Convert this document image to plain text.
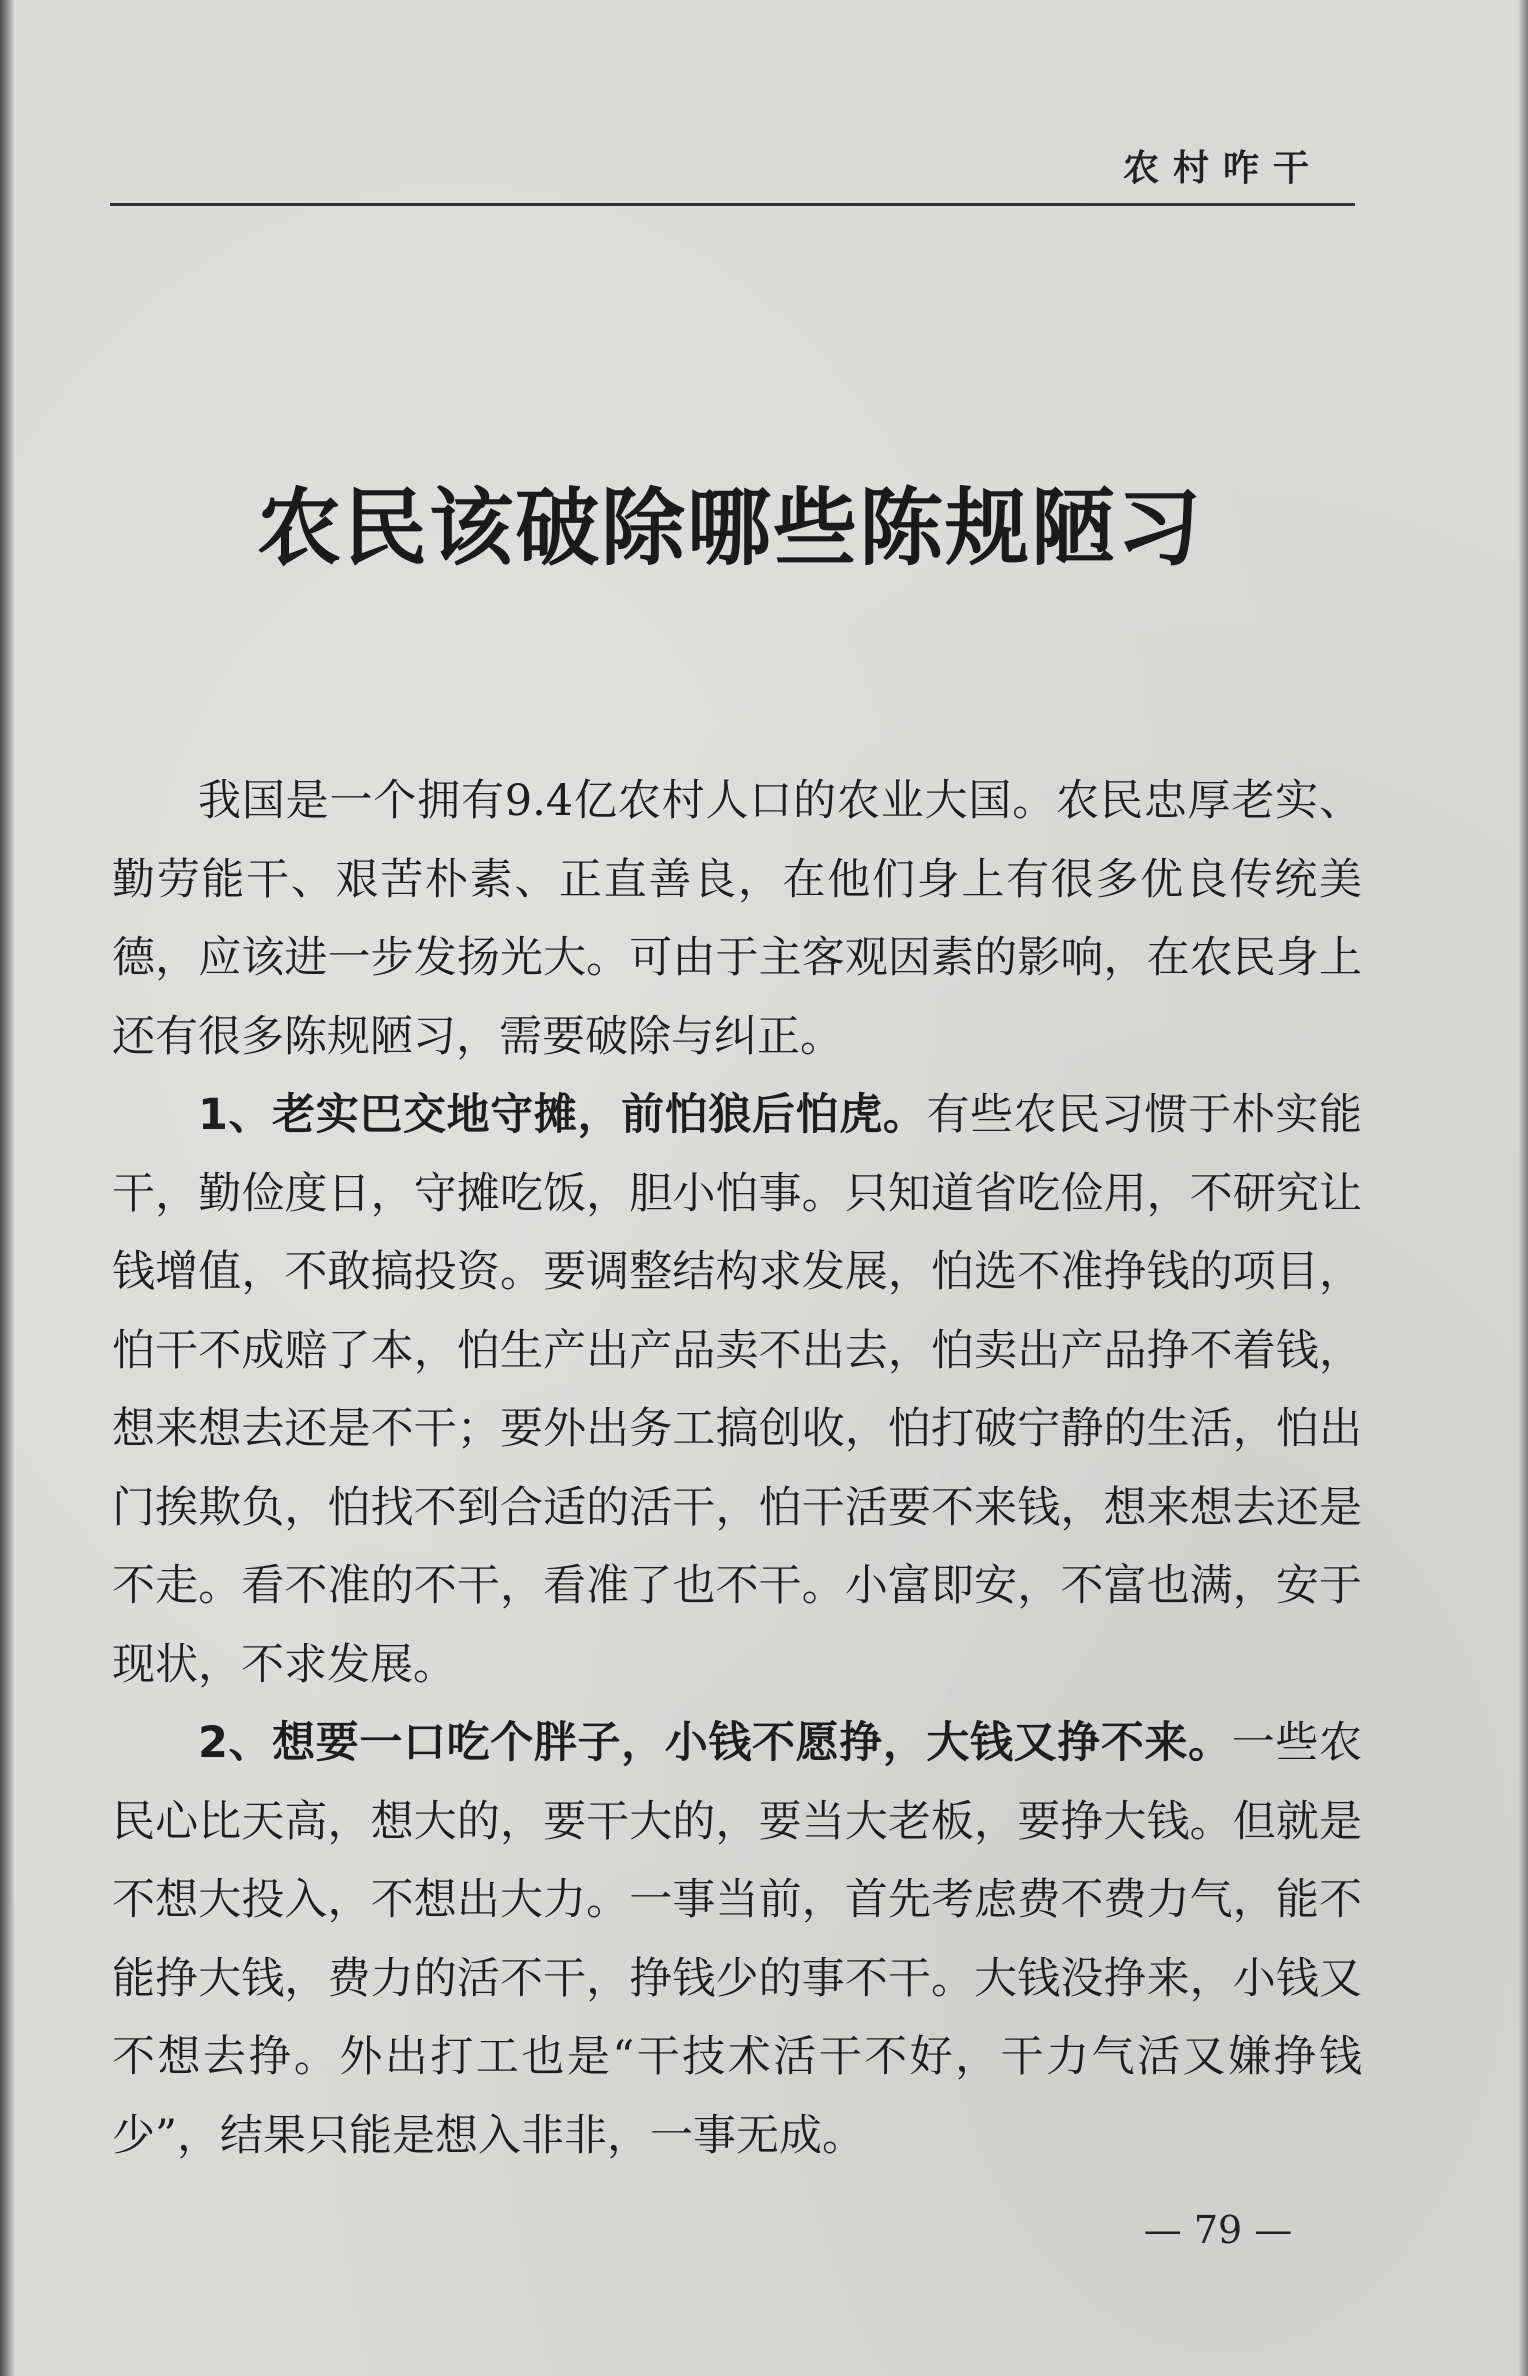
农村咋干
农民该破除哪些陈规陋习

我国是一个拥有9.4亿农村人口的农业大国。农民忠厚老实、勤劳能干、艰苦朴素、正直善良，在他们身上有很多优良传统美德，应该进一步发扬光大。可由于主客观因素的影响，在农民身上还有很多陈规陋习，需要破除与纠正。

1、老实巴交地守摊，前怕狼后怕虎。有些农民习惯于朴实能干，勤俭度日，守摊吃饭，胆小怕事。只知道省吃俭用，不研究让钱增值，不敢搞投资。要调整结构求发展，怕选不准挣钱的项目，怕干不成赔了本，怕生产出产品卖不出去，怕卖出产品挣不着钱，想来想去还是不干；要外出务工搞创收，怕打破宁静的生活，怕出门挨欺负，怕找不到合适的活干，怕干活要不来钱，想来想去还是不走。看不准的不干，看准了也不干。小富即安，不富也满，安于现状，不求发展。

2、想要一口吃个胖子，小钱不愿挣，大钱又挣不来。一些农民心比天高，想大的，要干大的，要当大老板，要挣大钱。但就是不想大投入，不想出大力。一事当前，首先考虑费不费力气，能不能挣大钱，费力的活不干，挣钱少的事不干。大钱没挣来，小钱又不想去挣。外出打工也是“干技术活干不好，干力气活又嫌挣钱少”，结果只能是想入非非，一事无成。

— 79 —
